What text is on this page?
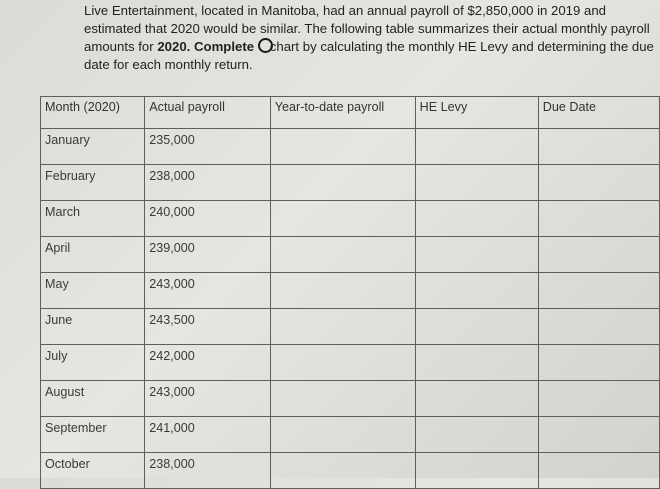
Live Entertainment, located in Manitoba, had an annual payroll of $2,850,000 in 2019 and estimated that 2020 would be similar. The following table summarizes their actual monthly payroll amounts for 2020. Complete chart by calculating the monthly HE Levy and determining the due date for each monthly return.
Month (2020)	Actual payroll	Year-to-date payroll	HE Levy	Due Date
January	235,000			
February	238,000			
March	240,000			
April	239,000			
May	243,000			
June	243,500			
July	242,000			
August	243,000			
September	241,000			
October	238,000			
